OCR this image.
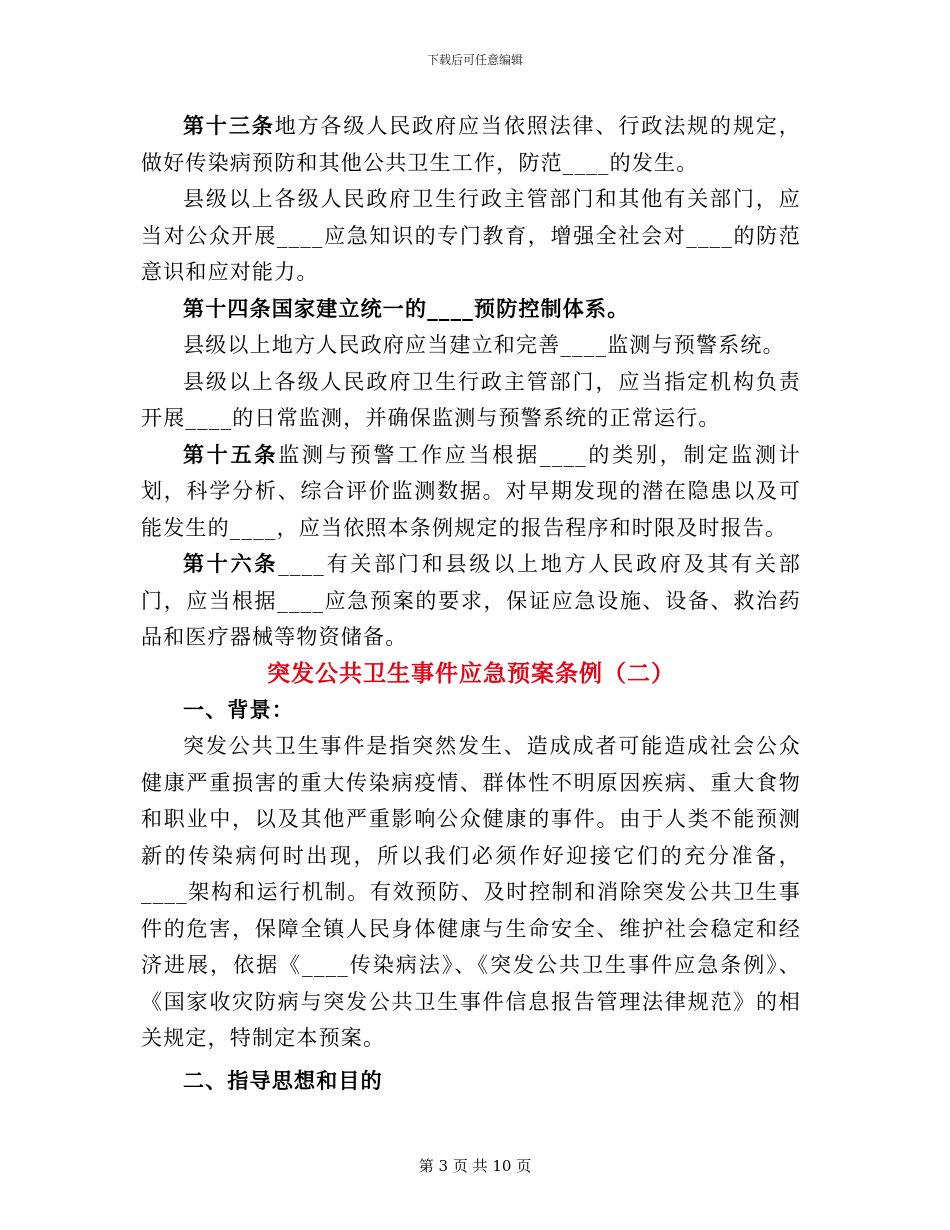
下载后可任意编辑

第十三条地方各级人民政府应当依照法律、行政法规的规定，做好传染病预防和其他公共卫生工作，防范____的发生。

县级以上各级人民政府卫生行政主管部门和其他有关部门，应当对公众开展____应急知识的专门教育，增强全社会对____的防范意识和应对能力。

第十四条国家建立统一的____预防控制体系。

县级以上地方人民政府应当建立和完善____监测与预警系统。

县级以上各级人民政府卫生行政主管部门，应当指定机构负责开展____的日常监测，并确保监测与预警系统的正常运行。

第十五条监测与预警工作应当根据____的类别，制定监测计划，科学分析、综合评价监测数据。对早期发现的潜在隐患以及可能发生的____，应当依照本条例规定的报告程序和时限及时报告。

第十六条____有关部门和县级以上地方人民政府及其有关部门，应当根据____应急预案的要求，保证应急设施、设备、救治药品和医疗器械等物资储备。

突发公共卫生事件应急预案条例（二）

一、背景：

突发公共卫生事件是指突然发生、造成成者可能造成社会公众健康严重损害的重大传染病疫情、群体性不明原因疾病、重大食物和职业中，以及其他严重影响公众健康的事件。由于人类不能预测新的传染病何时出现，所以我们必须作好迎接它们的充分准备，____架构和运行机制。有效预防、及时控制和消除突发公共卫生事件的危害，保障全镇人民身体健康与生命安全、维护社会稳定和经济进展，依据《____传染病法》、《突发公共卫生事件应急条例》、《国家收灾防病与突发公共卫生事件信息报告管理法律规范》的相关规定，特制定本预案。

二、指导思想和目的

第 3 页 共 10 页
